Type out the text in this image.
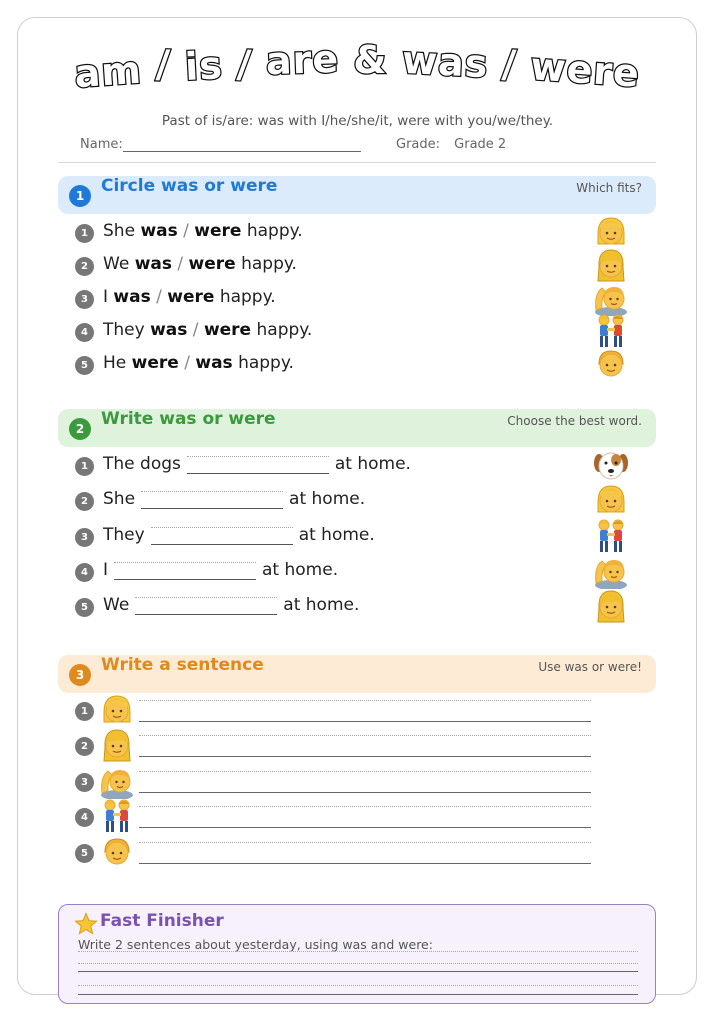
am / is / are & was / were
Past of is/are: was with I/he/she/it, were with you/we/they.
Name:	Grade: Grade 2
1 Circle was or were	Which fits?
1 She was / were happy.
2 We was / were happy.
3 I was / were happy.
4 They was / were happy.
5 He were / was happy.
2 Write was or were	Choose the best word.
1 The dogs	at home.
2 She	at home.
3 They	at home.
4 I	at home.
5 We	at home.
3 Write a sentence	Use was or were!
1
2
3
4
5
Fast Finisher
Write 2 sentences about yesterday, using was and were:
